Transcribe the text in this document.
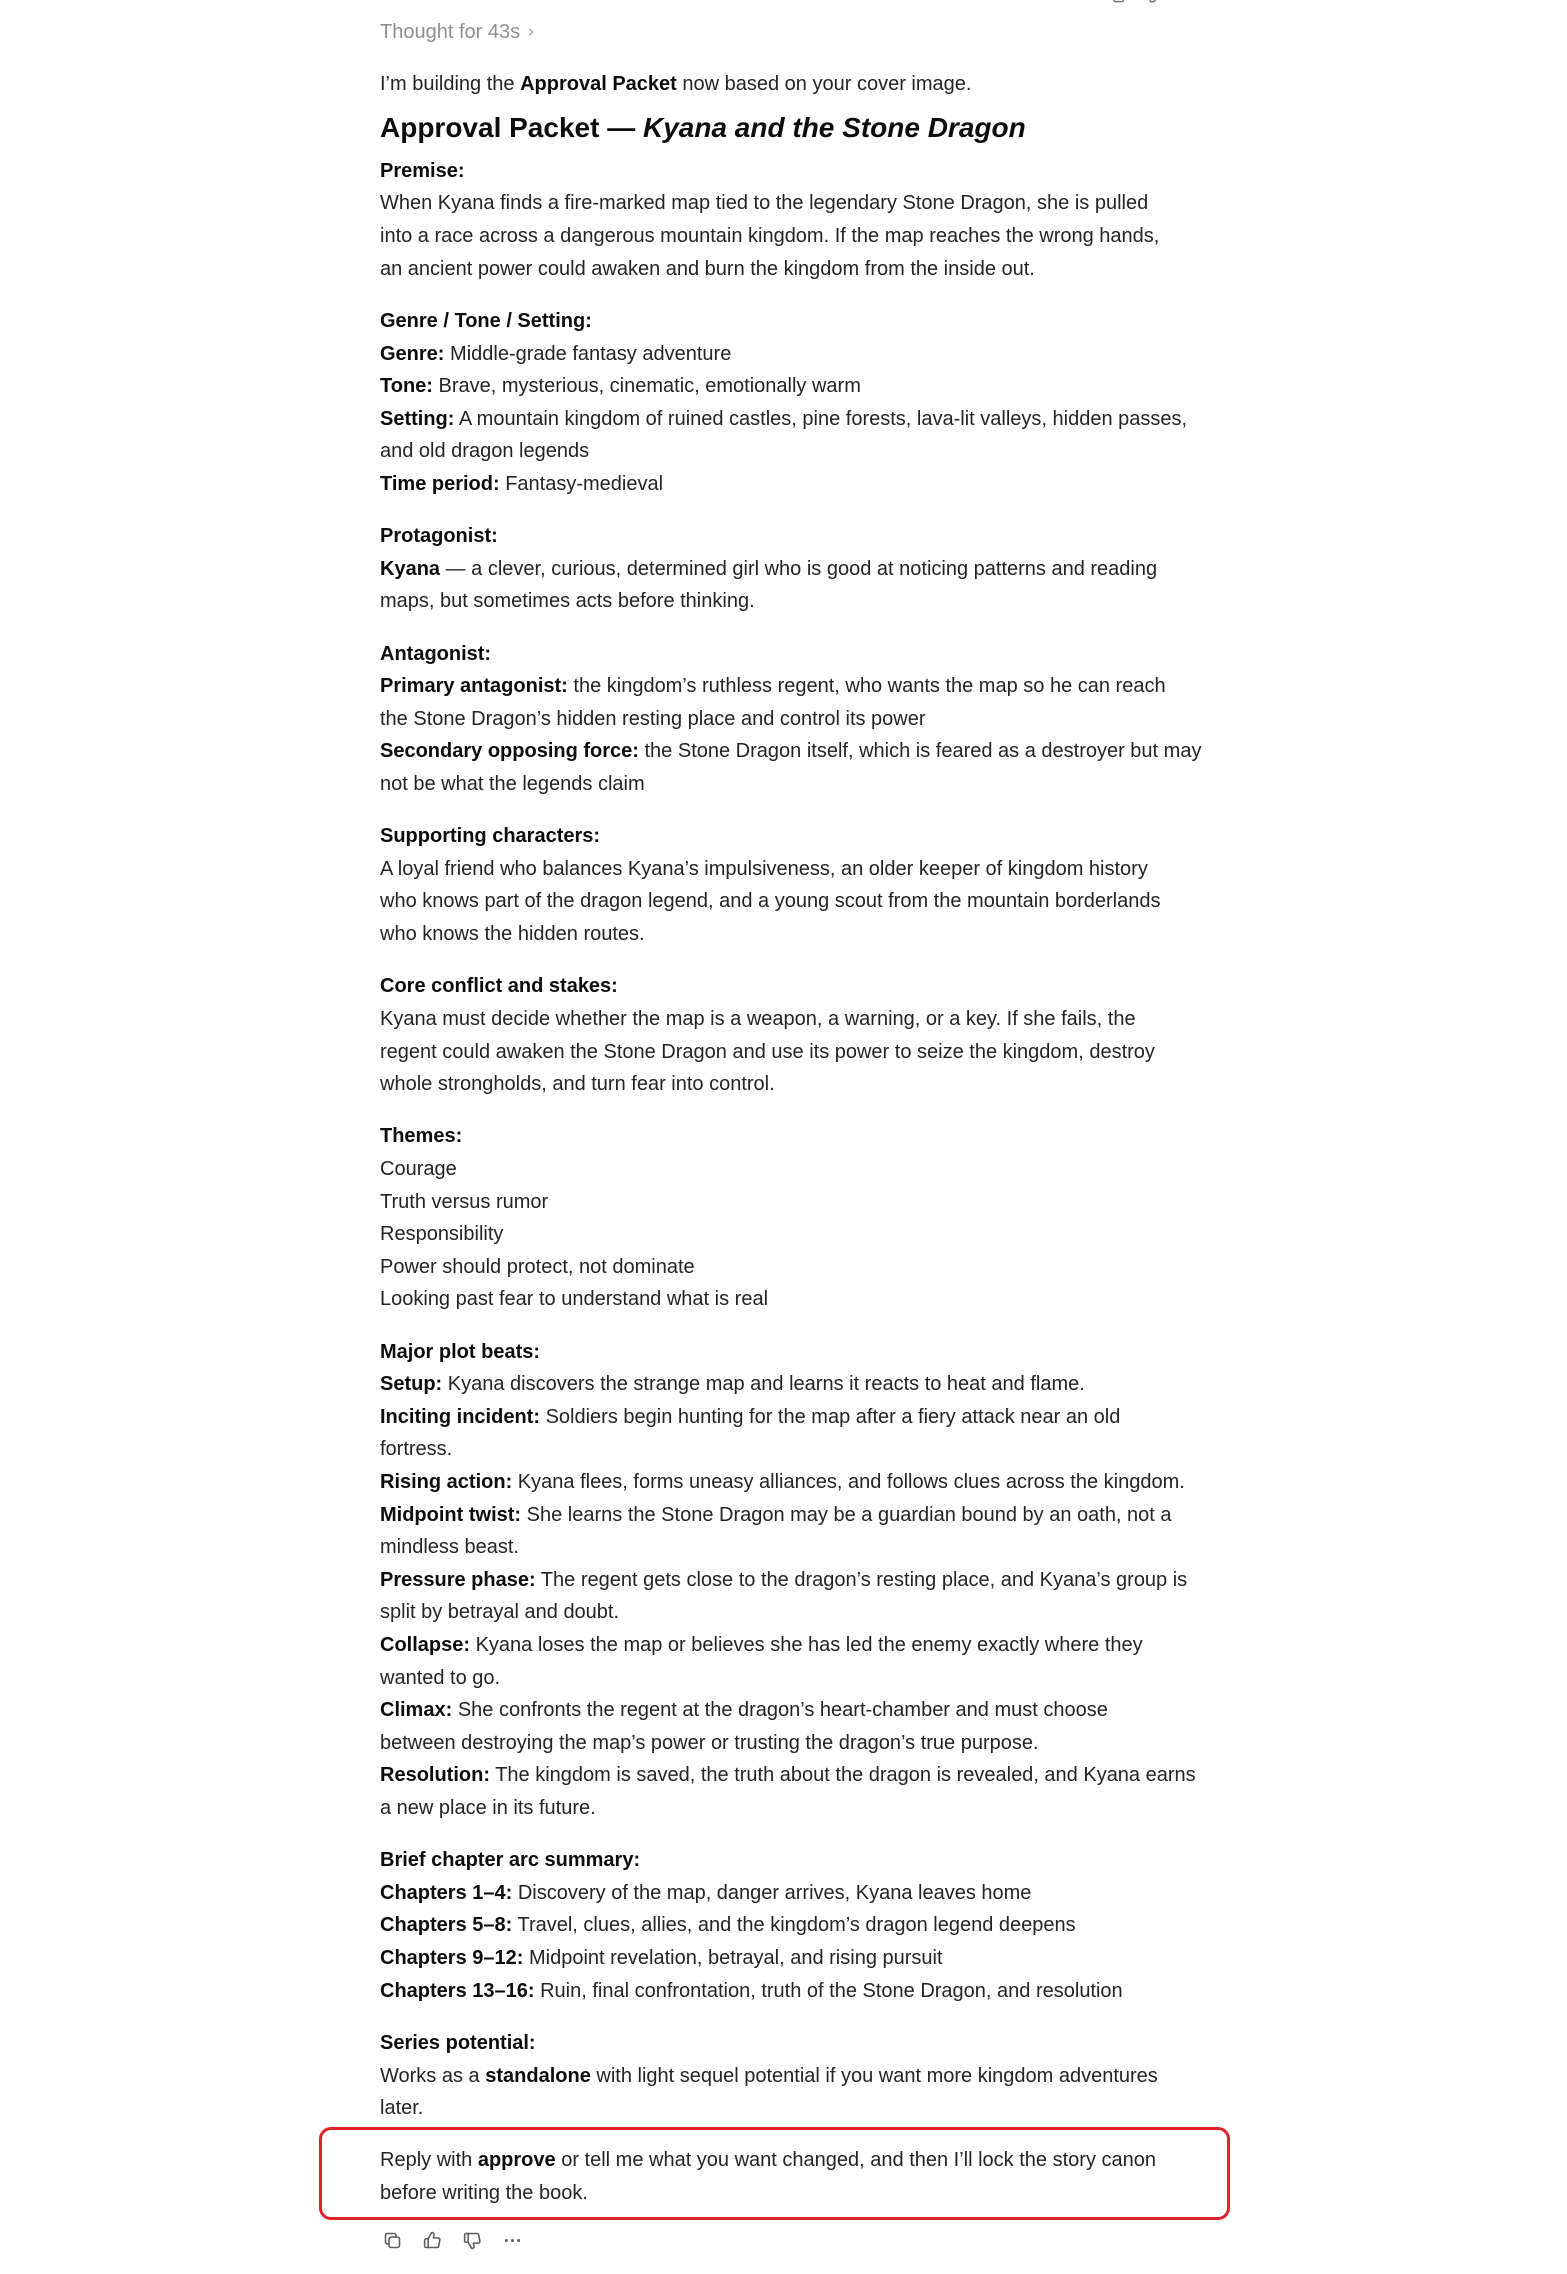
Thought for 43s
I’m building the Approval Packet now based on your cover image.
Approval Packet — Kyana and the Stone Dragon
Premise:
When Kyana finds a fire-marked map tied to the legendary Stone Dragon, she is pulled
into a race across a dangerous mountain kingdom. If the map reaches the wrong hands,
an ancient power could awaken and burn the kingdom from the inside out.
Genre / Tone / Setting:
Genre: Middle-grade fantasy adventure
Tone: Brave, mysterious, cinematic, emotionally warm
Setting: A mountain kingdom of ruined castles, pine forests, lava-lit valleys, hidden passes,
and old dragon legends
Time period: Fantasy-medieval
Protagonist:
Kyana — a clever, curious, determined girl who is good at noticing patterns and reading
maps, but sometimes acts before thinking.
Antagonist:
Primary antagonist: the kingdom’s ruthless regent, who wants the map so he can reach
the Stone Dragon’s hidden resting place and control its power
Secondary opposing force: the Stone Dragon itself, which is feared as a destroyer but may
not be what the legends claim
Supporting characters:
A loyal friend who balances Kyana’s impulsiveness, an older keeper of kingdom history
who knows part of the dragon legend, and a young scout from the mountain borderlands
who knows the hidden routes.
Core conflict and stakes:
Kyana must decide whether the map is a weapon, a warning, or a key. If she fails, the
regent could awaken the Stone Dragon and use its power to seize the kingdom, destroy
whole strongholds, and turn fear into control.
Themes:
Courage
Truth versus rumor
Responsibility
Power should protect, not dominate
Looking past fear to understand what is real
Major plot beats:
Setup: Kyana discovers the strange map and learns it reacts to heat and flame.
Inciting incident: Soldiers begin hunting for the map after a fiery attack near an old
fortress.
Rising action: Kyana flees, forms uneasy alliances, and follows clues across the kingdom.
Midpoint twist: She learns the Stone Dragon may be a guardian bound by an oath, not a
mindless beast.
Pressure phase: The regent gets close to the dragon’s resting place, and Kyana’s group is
split by betrayal and doubt.
Collapse: Kyana loses the map or believes she has led the enemy exactly where they
wanted to go.
Climax: She confronts the regent at the dragon’s heart-chamber and must choose
between destroying the map’s power or trusting the dragon’s true purpose.
Resolution: The kingdom is saved, the truth about the dragon is revealed, and Kyana earns
a new place in its future.
Brief chapter arc summary:
Chapters 1–4: Discovery of the map, danger arrives, Kyana leaves home
Chapters 5–8: Travel, clues, allies, and the kingdom’s dragon legend deepens
Chapters 9–12: Midpoint revelation, betrayal, and rising pursuit
Chapters 13–16: Ruin, final confrontation, truth of the Stone Dragon, and resolution
Series potential:
Works as a standalone with light sequel potential if you want more kingdom adventures
later.
Reply with approve or tell me what you want changed, and then I’ll lock the story canon
before writing the book.
